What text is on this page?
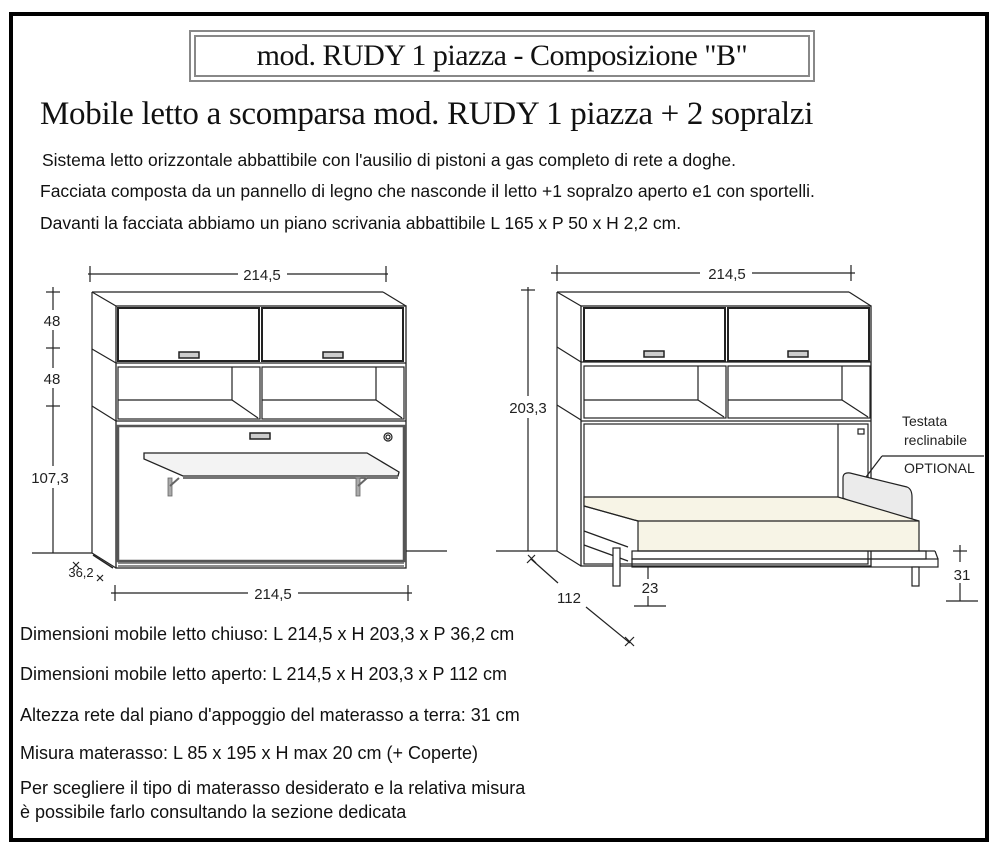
mod. RUDY 1 piazza - Composizione "B"
Mobile letto a scomparsa mod. RUDY 1 piazza + 2 sopralzi
Sistema letto orizzontale abbattibile con l'ausilio di pistoni a gas completo di rete a doghe.
Facciata composta da un pannello di legno che nasconde il letto +1 sopralzo aperto e1 con sportelli.
Davanti la facciata abbiamo un piano scrivania abbattibile L 165 x P 50 x H 2,2 cm.
214,5
48
48
107,3
36,2
214,5
214,5
203,3
112
23
31
Testata
reclinabile
OPTIONAL
Dimensioni mobile letto chiuso: L 214,5 x H 203,3 x P 36,2 cm
Dimensioni mobile letto aperto: L 214,5 x H 203,3 x P 112 cm
Altezza rete dal piano d'appoggio del materasso a terra: 31 cm
Misura materasso: L 85 x 195 x H max 20 cm (+ Coperte)
Per scegliere il tipo di materasso desiderato e la relativa misura
è possibile farlo consultando la sezione dedicata
